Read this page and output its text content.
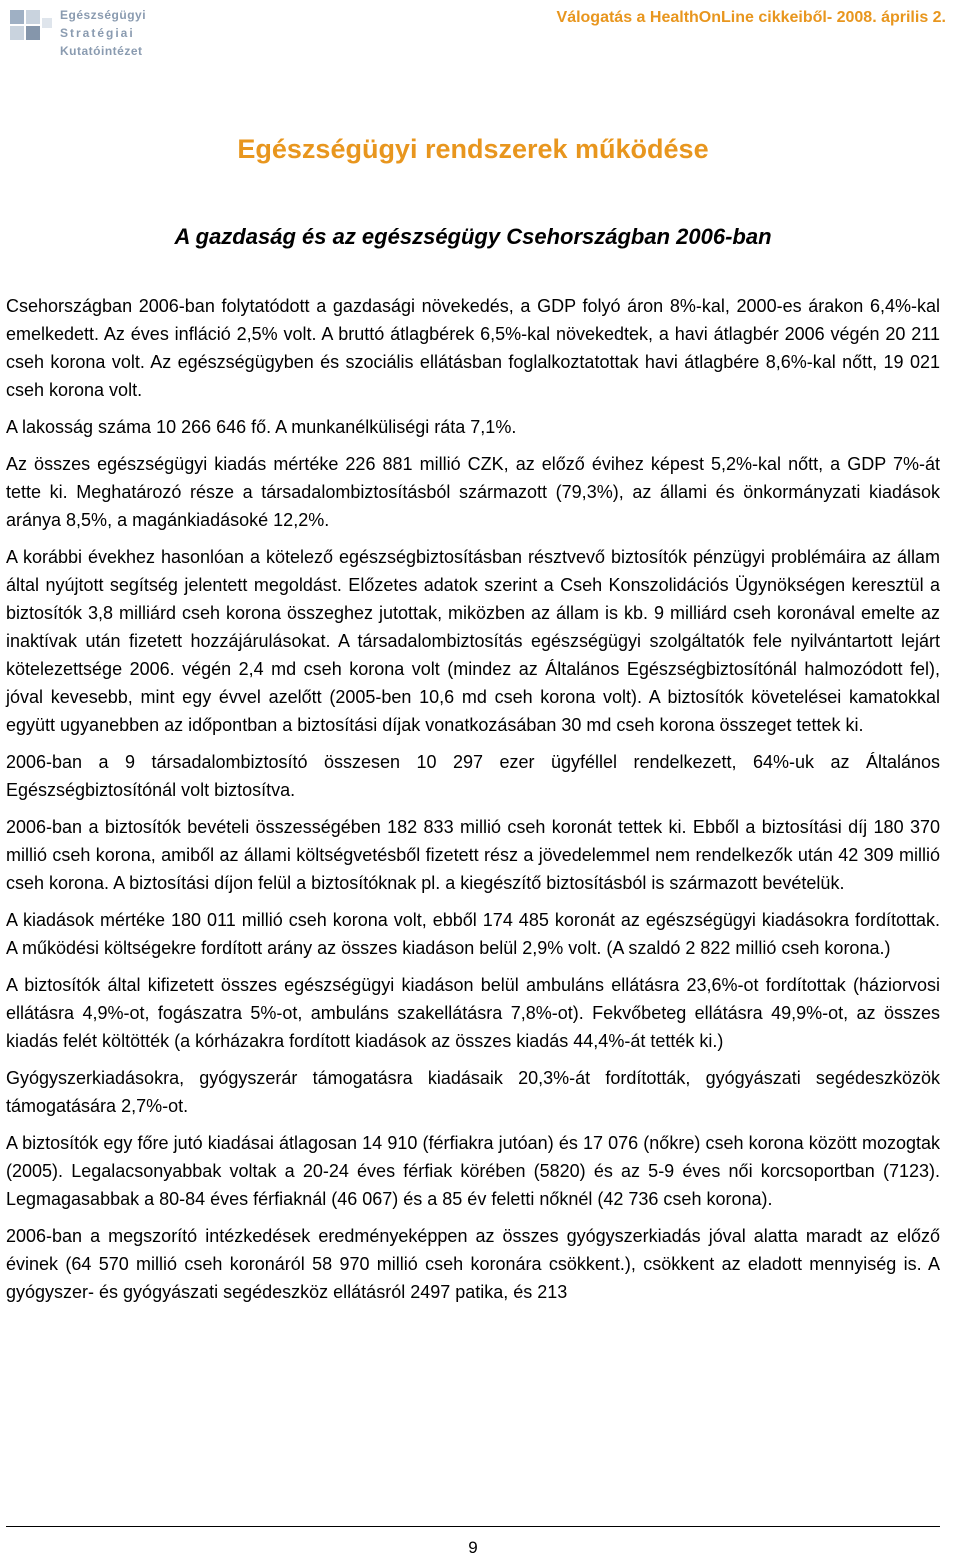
Egészségügyi
Stratégiai
Kutatóintézet
Válogatás a HealthOnLine cikkeiből- 2008. április 2.
Egészségügyi rendszerek működése
A gazdaság és az egészségügy Csehországban 2006-ban

Csehországban 2006-ban folytatódott a gazdasági növekedés, a GDP folyó áron 8%-kal, 2000-es árakon 6,4%-kal emelkedett. Az éves infláció 2,5% volt. A bruttó átlagbérek 6,5%-kal növekedtek, a havi átlagbér 2006 végén 20 211 cseh korona volt. Az egészségügyben és szociális ellátásban foglalkoztatottak havi átlagbére 8,6%-kal nőtt, 19 021 cseh korona volt.

A lakosság száma 10 266 646 fő. A munkanélküliségi ráta 7,1%.

Az összes egészségügyi kiadás mértéke 226 881 millió CZK, az előző évihez képest 5,2%-kal nőtt, a GDP 7%-át tette ki. Meghatározó része a társadalombiztosításból származott (79,3%), az állami és önkormányzati kiadások aránya 8,5%, a magánkiadásoké 12,2%.

A korábbi évekhez hasonlóan a kötelező egészségbiztosításban résztvevő biztosítók pénzügyi problémáira az állam által nyújtott segítség jelentett megoldást. Előzetes adatok szerint a Cseh Konszolidációs Ügynökségen keresztül a biztosítók 3,8 milliárd cseh korona összeghez jutottak, miközben az állam is kb. 9 milliárd cseh koronával emelte az inaktívak után fizetett hozzájárulásokat. A társadalombiztosítás egészségügyi szolgáltatók fele nyilvántartott lejárt kötelezettsége 2006. végén 2,4 md cseh korona volt (mindez az Általános Egészségbiztosítónál halmozódott fel), jóval kevesebb, mint egy évvel azelőtt (2005-ben 10,6 md cseh korona volt). A biztosítók követelései kamatokkal együtt ugyanebben az időpontban a biztosítási díjak vonatkozásában 30 md cseh korona összeget tettek ki.

2006-ban a 9 társadalombiztosító összesen 10 297 ezer ügyféllel rendelkezett, 64%-uk az Általános Egészségbiztosítónál volt biztosítva.

2006-ban a biztosítók bevételi összességében 182 833 millió cseh koronát tettek ki. Ebből a biztosítási díj 180 370 millió cseh korona, amiből az állami költségvetésből fizetett rész a jövedelemmel nem rendelkezők után 42 309 millió cseh korona. A biztosítási díjon felül a biztosítóknak pl. a kiegészítő biztosításból is származott bevételük.

A kiadások mértéke 180 011 millió cseh korona volt, ebből 174 485 koronát az egészségügyi kiadásokra fordítottak. A működési költségekre fordított arány az összes kiadáson belül 2,9% volt. (A szaldó 2 822 millió cseh korona.)

A biztosítók által kifizetett összes egészségügyi kiadáson belül ambuláns ellátásra 23,6%-ot fordítottak (háziorvosi ellátásra 4,9%-ot, fogászatra 5%-ot, ambuláns szakellátásra 7,8%-ot). Fekvőbeteg ellátásra 49,9%-ot, az összes kiadás felét költötték (a kórházakra fordított kiadások az összes kiadás 44,4%-át tették ki.)

Gyógyszerkiadásokra, gyógyszerár támogatásra kiadásaik 20,3%-át fordították, gyógyászati segédeszközök támogatására 2,7%-ot.

A biztosítók egy főre jutó kiadásai átlagosan 14 910 (férfiakra jutóan) és 17 076 (nőkre) cseh korona között mozogtak (2005). Legalacsonyabbak voltak a 20-24 éves férfiak körében (5820) és az 5-9 éves női korcsoportban (7123). Legmagasabbak a 80-84 éves férfiaknál (46 067) és a 85 év feletti nőknél (42 736 cseh korona).

2006-ban a megszorító intézkedések eredményeképpen az összes gyógyszerkiadás jóval alatta maradt az előző évinek (64 570 millió cseh koronáról 58 970 millió cseh koronára csökkent.), csökkent az eladott mennyiség is. A gyógyszer- és gyógyászati segédeszköz ellátásról 2497 patika, és 213

9
